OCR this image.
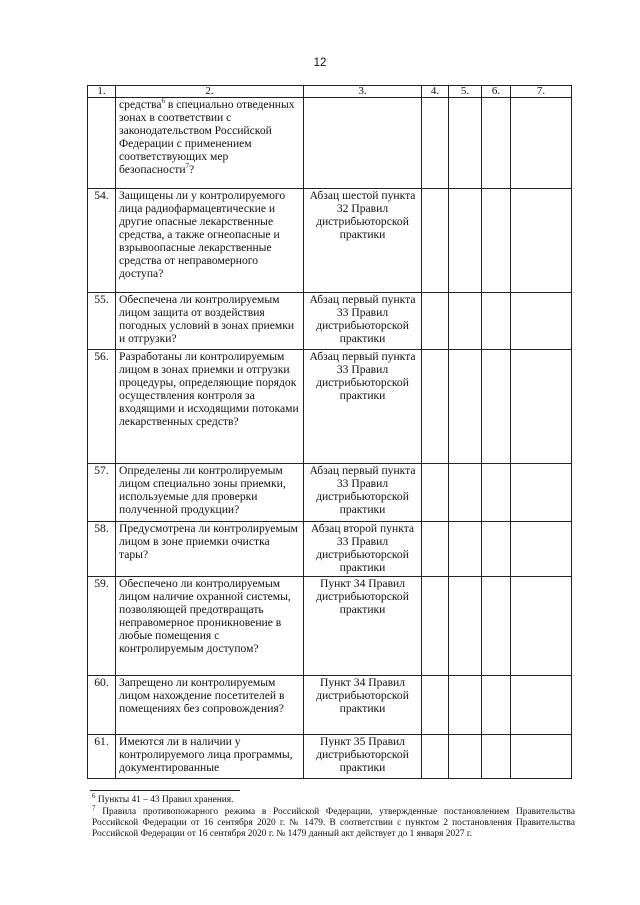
12
1.	2.	3.	4.	5.	6.	7.
	средства$^6$ в специально отведенных зонах в соответствии с законодательством Российской Федерации с применением соответствующих мер безопасности$^7$?					
54.	Защищены ли у контролируемого лица радиофармацевтические и другие опасные лекарственные средства, а также огнеопасные и взрывоопасные лекарственные средства от неправомерного доступа?	Абзац шестой пункта 32 Правил дистрибьюторской практики				
55.	Обеспечена ли контролируемым лицом защита от воздействия погодных условий в зонах приемки и отгрузки?	Абзац первый пункта 33 Правил дистрибьюторской практики				
56.	Разработаны ли контролируемым лицом в зонах приемки и отгрузки процедуры, определяющие порядок осуществления контроля за входящими и исходящими потоками лекарственных средств?	Абзац первый пункта 33 Правил дистрибьюторской практики				
57.	Определены ли контролируемым лицом специально зоны приемки, используемые для проверки полученной продукции?	Абзац первый пункта 33 Правил дистрибьюторской практики				
58.	Предусмотрена ли контролируемым лицом в зоне приемки очистка тары?	Абзац второй пункта 33 Правил дистрибьюторской практики				
59.	Обеспечено ли контролируемым лицом наличие охранной системы, позволяющей предотвращать неправомерное проникновение в любые помещения с контролируемым доступом?	Пункт 34 Правил дистрибьюторской практики				
60.	Запрещено ли контролируемым лицом нахождение посетителей в помещениях без сопровождения?	Пункт 34 Правил дистрибьюторской практики				
61.	Имеются ли в наличии у контролируемого лица программы, документированные	Пункт 35 Правил дистрибьюторской практики				

$^6$ Пункты 41 – 43 Правил хранения.

$^7$ Правила противопожарного режима в Российской Федерации, утвержденные постановлением Правительства Российской Федерации от 16 сентября 2020 г. № 1479. В соответствии с пунктом 2 постановления Правительства Российской Федерации от 16 сентября 2020 г. № 1479 данный акт действует до 1 января 2027 г.
